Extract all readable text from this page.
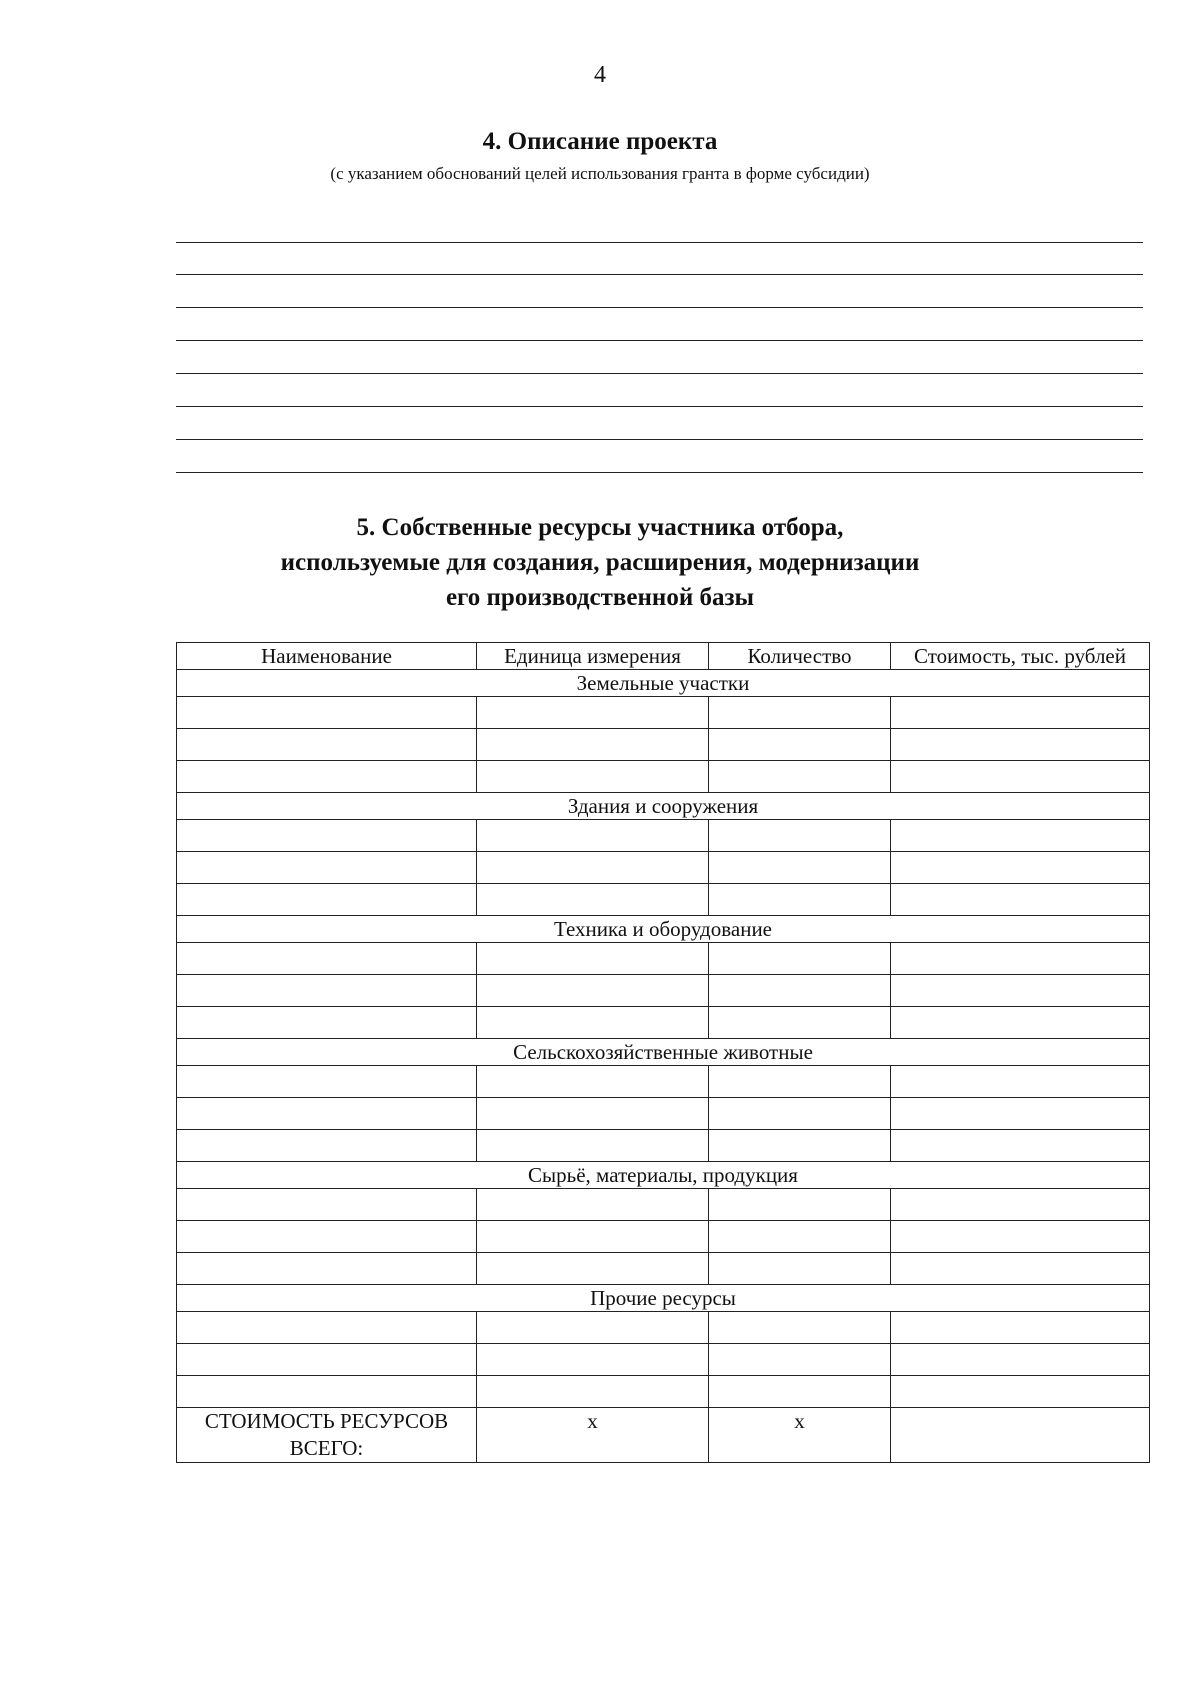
4
4. Описание проекта
(с указанием обоснований целей использования гранта в форме субсидии)
5. Собственные ресурсы участника отбора,
используемые для создания, расширения, модернизации
его производственной базы
Наименование	Единица измерения	Количество	Стоимость, тыс. рублей
Земельные участки			

Здания и сооружения			

Техника и оборудование			

Сельскохозяйственные животные			

Сырьё, материалы, продукция			

Прочие ресурсы			

СТОИМОСТЬ РЕСУРСОВ ВСЕГО:	х	х	
